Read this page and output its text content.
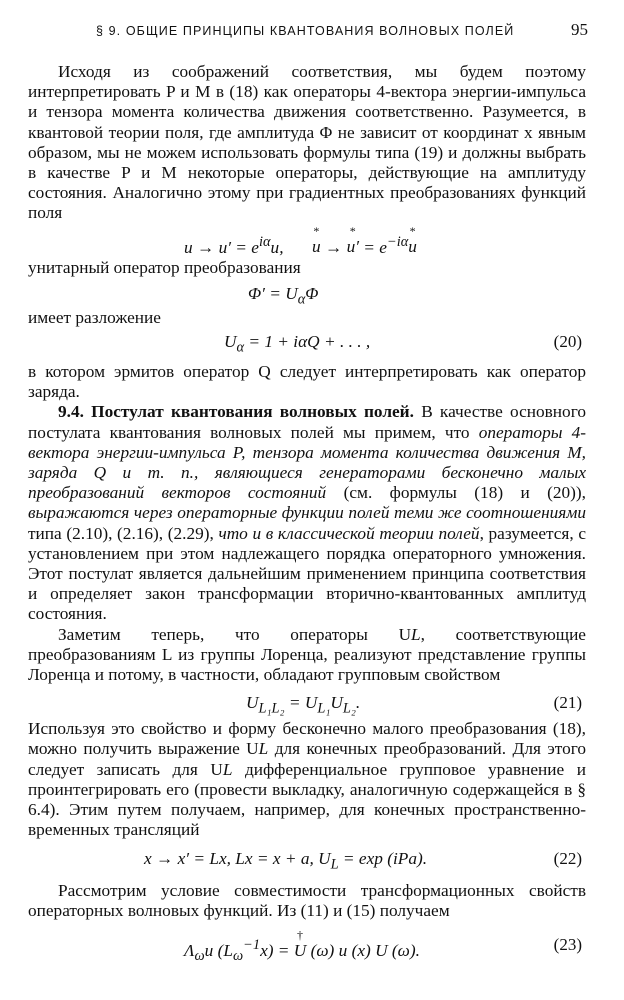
§ 9. ОБЩИЕ ПРИНЦИПЫ КВАНТОВАНИЯ ВОЛНОВЫХ ПОЛЕЙ	95

Исходя из соображений соответствия, мы будем поэтому интерпретировать P и M в (18) как операторы 4-вектора энергии-импульса и тензора момента количества движения соответственно. Разумеется, в квантовой теории поля, где амплитуда Φ не зависит от координат x явным образом, мы не можем использовать формулы типа (19) и должны выбрать в качестве P и M некоторые операторы, действующие на амплитуду состояния. Аналогично этому при градиентных преобразованиях функций поля

$u \to u' = e^{i\alpha}u$, u
*
→ u′
*
= $e^{-i\alpha}u$
*

унитарный оператор преобразования

$\Phi' = U_\alpha\Phi$

имеет разложение

$U_\alpha = 1 + i\alpha Q$ + . . . ,	(20)

в котором эрмитов оператор Q следует интерпретировать как оператор заряда.

9.4. Постулат квантования волновых полей. В качестве основного постулата квантования волновых полей мы примем, что операторы 4-вектора энергии-импульса P, тензора момента количества движения M, заряда Q и т. п., являющиеся генераторами бесконечно малых преобразований векторов состояний (см. формулы (18) и (20)), выражаются через операторные функции полей теми же соотношениями типа (2.10), (2.16), (2.29), что и в классической теории полей, разумеется, с установлением при этом надлежащего порядка операторного умножения. Этот постулат является дальнейшим применением принципа соответствия и определяет закон трансформации вторично-квантованных амплитуд состояния.

Заметим теперь, что операторы UL, соответствующие преобразованиям L из группы Лоренца, реализуют представление группы Лоренца и потому, в частности, обладают групповым свойством

$U_{L_1L_2} = U_{L_1}U_{L_2}$.	(21)

Используя это свойство и форму бесконечно малого преобразования (18), можно получить выражение UL для конечных преобразований. Для этого следует записать для UL дифференциальное групповое уравнение и проинтегрировать его (провести выкладку, аналогичную содержащейся в § 6.4). Этим путем получаем, например, для конечных пространственно-временных трансляций

x → x′ = Lx, Lx = x + a, $U_L = \exp (iPa)$.	(22)

Рассмотрим условие совместимости трансформационных свойств операторных волновых функций. Из (11) и (15) получаем

$\Lambda_\omega u$ $(L_\omega^{-1}x) = U$
†
(ω) u (x) U (ω).	(23)
